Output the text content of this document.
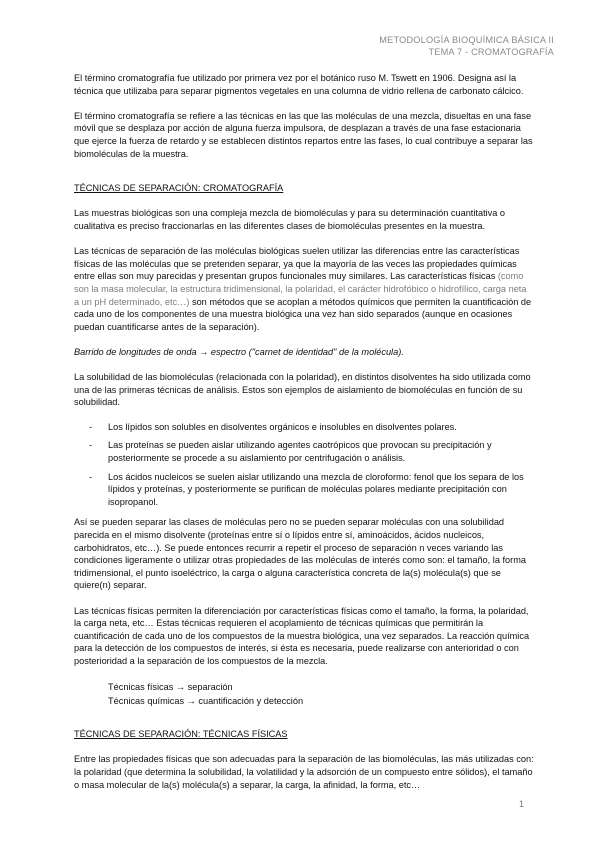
METODOLOGÍA BIOQUÍMICA BÁSICA II
TEMA 7 - CROMATOGRAFÍA

El término cromatografía fue utilizado por primera vez por el botánico ruso M. Tswett en 1906. Designa así la técnica que utilizaba para separar pigmentos vegetales en una columna de vidrio rellena de carbonato cálcico.

El término cromatografía se refiere a las técnicas en las que las moléculas de una mezcla, disueltas en una fase móvil que se desplaza por acción de alguna fuerza impulsora, de desplazan a través de una fase estacionaria que ejerce la fuerza de retardo y se establecen distintos repartos entre las fases, lo cual contribuye a separar las biomoléculas de la muestra.

TÉCNICAS DE SEPARACIÓN: CROMATOGRAFÍA

Las muestras biológicas son una compleja mezcla de biomoléculas y para su determinación cuantitativa o cualitativa es preciso fraccionarlas en las diferentes clases de biomoléculas presentes en la muestra.

Las técnicas de separación de las moléculas biológicas suelen utilizar las diferencias entre las características físicas de las moléculas que se pretenden separar, ya que la mayoría de las veces las propiedades químicas entre ellas son muy parecidas y presentan grupos funcionales muy similares. Las características físicas (como son la masa molecular, la estructura tridimensional, la polaridad, el carácter hidrofóbico o hidrofílico, carga neta a un pH determinado, etc…) son métodos que se acoplan a métodos químicos que permiten la cuantificación de cada uno de los componentes de una muestra biológica una vez han sido separados (aunque en ocasiones puedan cuantificarse antes de la separación).

Barrido de longitudes de onda → espectro ("carnet de identidad" de la molécula).

La solubilidad de las biomoléculas (relacionada con la polaridad), en distintos disolventes ha sido utilizada como una de las primeras técnicas de análisis. Estos son ejemplos de aislamiento de biomoléculas en función de su solubilidad.

- Los lípidos son solubles en disolventes orgánicos e insolubles en disolventes polares.
- Las proteínas se pueden aislar utilizando agentes caotrópicos que provocan su precipitación y posteriormente se procede a su aislamiento por centrifugación o análisis.
- Los ácidos nucleicos se suelen aislar utilizando una mezcla de cloroformo: fenol que los separa de los lípidos y proteínas, y posteriormente se purifican de moléculas polares mediante precipitación con isopropanol.

Así se pueden separar las clases de moléculas pero no se pueden separar moléculas con una solubilidad parecida en el mismo disolvente (proteínas entre sí o lípidos entre sí, aminoácidos, ácidos nucleicos, carbohidratos, etc…). Se puede entonces recurrir a repetir el proceso de separación n veces variando las condiciones ligeramente o utilizar otras propiedades de las moléculas de interés como son: el tamaño, la forma tridimensional, el punto isoeléctrico, la carga o alguna característica concreta de la(s) molécula(s) que se quiere(n) separar.

Las técnicas físicas permiten la diferenciación por características físicas como el tamaño, la forma, la polaridad, la carga neta, etc… Estas técnicas requieren el acoplamiento de técnicas químicas que permitirán la cuantificación de cada uno de los compuestos de la muestra biológica, una vez separados. La reacción química para la detección de los compuestos de interés, si ésta es necesaria, puede realizarse con anterioridad o con posterioridad a la separación de los compuestos de la mezcla.

Técnicas físicas → separación
Técnicas químicas → cuantificación y detección

TÉCNICAS DE SEPARACIÓN: TÉCNICAS FÍSICAS

Entre las propiedades físicas que son adecuadas para la separación de las biomoléculas, las más utilizadas con: la polaridad (que determina la solubilidad, la volatilidad y la adsorción de un compuesto entre sólidos), el tamaño o masa molecular de la(s) molécula(s) a separar, la carga, la afinidad, la forma, etc…

1
